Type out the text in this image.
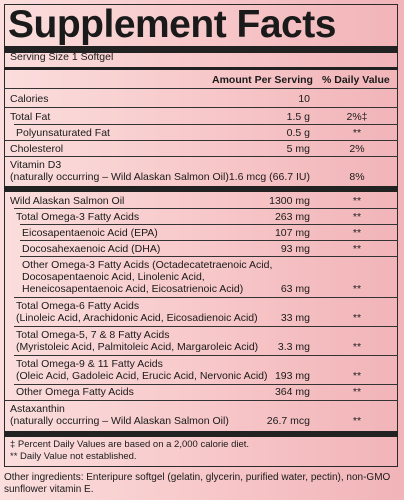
Supplement Facts
Serving Size 1 Softgel
Amount Per Serving % Daily Value
Calories	10
Total Fat	1.5 g	2%‡
Polyunsaturated Fat	0.5 g	**
Cholesterol	5 mg	2%
Vitamin D3
(naturally occurring – Wild Alaskan Salmon Oil) 1.6 mcg (66.7 IU)	8%
Wild Alaskan Salmon Oil	1300 mg	**
Total Omega-3 Fatty Acids	263 mg	**
Eicosapentaenoic Acid (EPA)	107 mg	**
Docosahexaenoic Acid (DHA)	93 mg	**
Other Omega-3 Fatty Acids (Octadecatetraenoic Acid,
Docosapentaenoic Acid, Linolenic Acid,
Heneicosapentaenoic Acid, Eicosatrienoic Acid)	63 mg	**
Total Omega-6 Fatty Acids
(Linoleic Acid, Arachidonic Acid, Eicosadienoic Acid) 33 mg	**
Total Omega-5, 7 & 8 Fatty Acids
(Myristoleic Acid, Palmitoleic Acid, Margaroleic Acid) 3.3 mg	**
Total Omega-9 & 11 Fatty Acids
(Oleic Acid, Gadoleic Acid, Erucic Acid, Nervonic Acid) 193 mg	**
Other Omega Fatty Acids	364 mg	**
Astaxanthin
(naturally occurring – Wild Alaskan Salmon Oil)	26.7 mcg	**
‡ Percent Daily Values are based on a 2,000 calorie diet.
** Daily Value not established.
Other ingredients: Enteripure softgel (gelatin, glycerin, purified water, pectin), non-GMO sunflower vitamin E.
